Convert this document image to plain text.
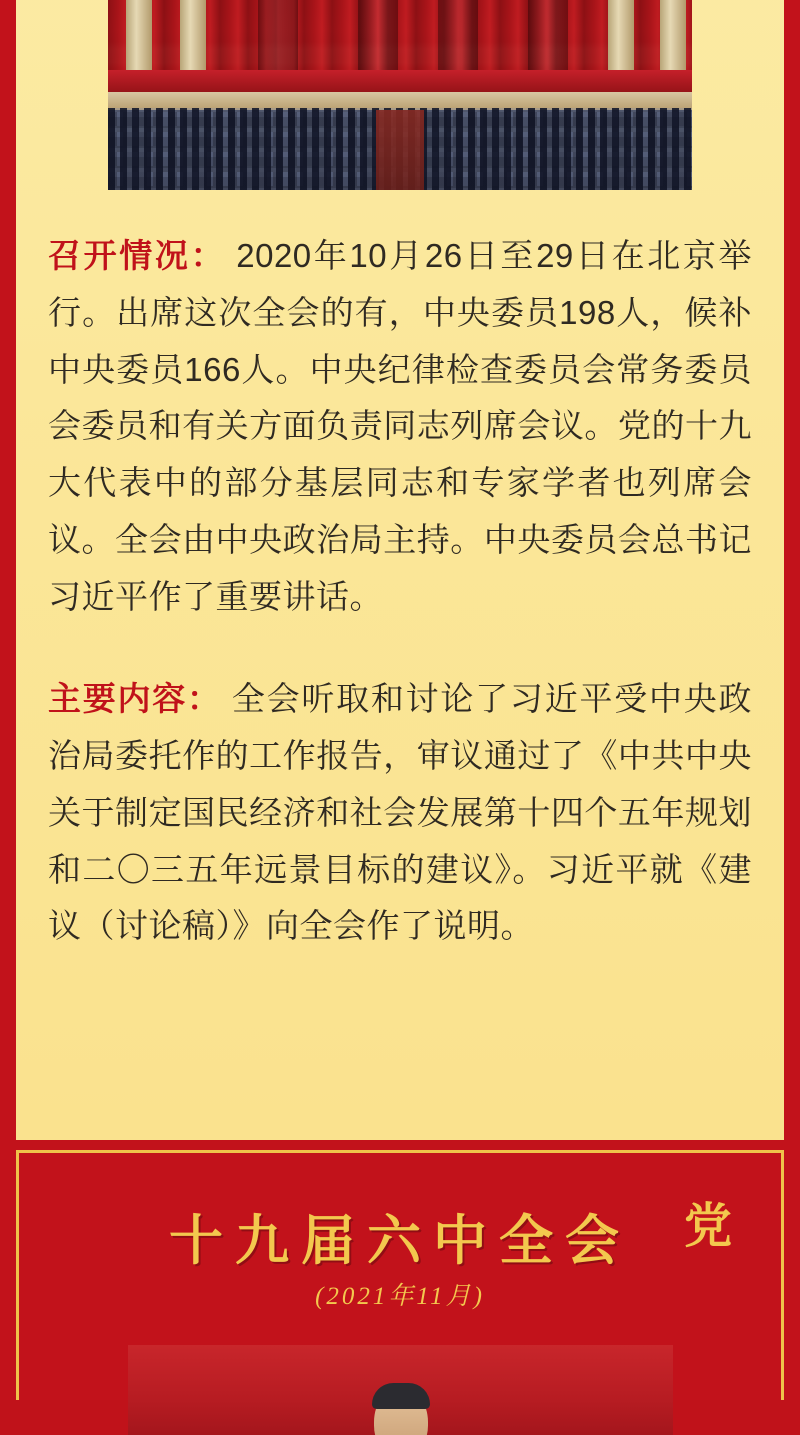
召开情况： 2020年10月26日至29日在北京举行。出席这次全会的有，中央委员198人，候补中央委员166人。中央纪律检查委员会常务委员会委员和有关方面负责同志列席会议。党的十九大代表中的部分基层同志和专家学者也列席会议。全会由中央政治局主持。中央委员会总书记习近平作了重要讲话。

主要内容： 全会听取和讨论了习近平受中央政治局委托作的工作报告，审议通过了《中共中央关于制定国民经济和社会发展第十四个五年规划和二〇三五年远景目标的建议》。习近平就《建议（讨论稿）》向全会作了说明。

十九届六中全会	党
(2021年11月)
